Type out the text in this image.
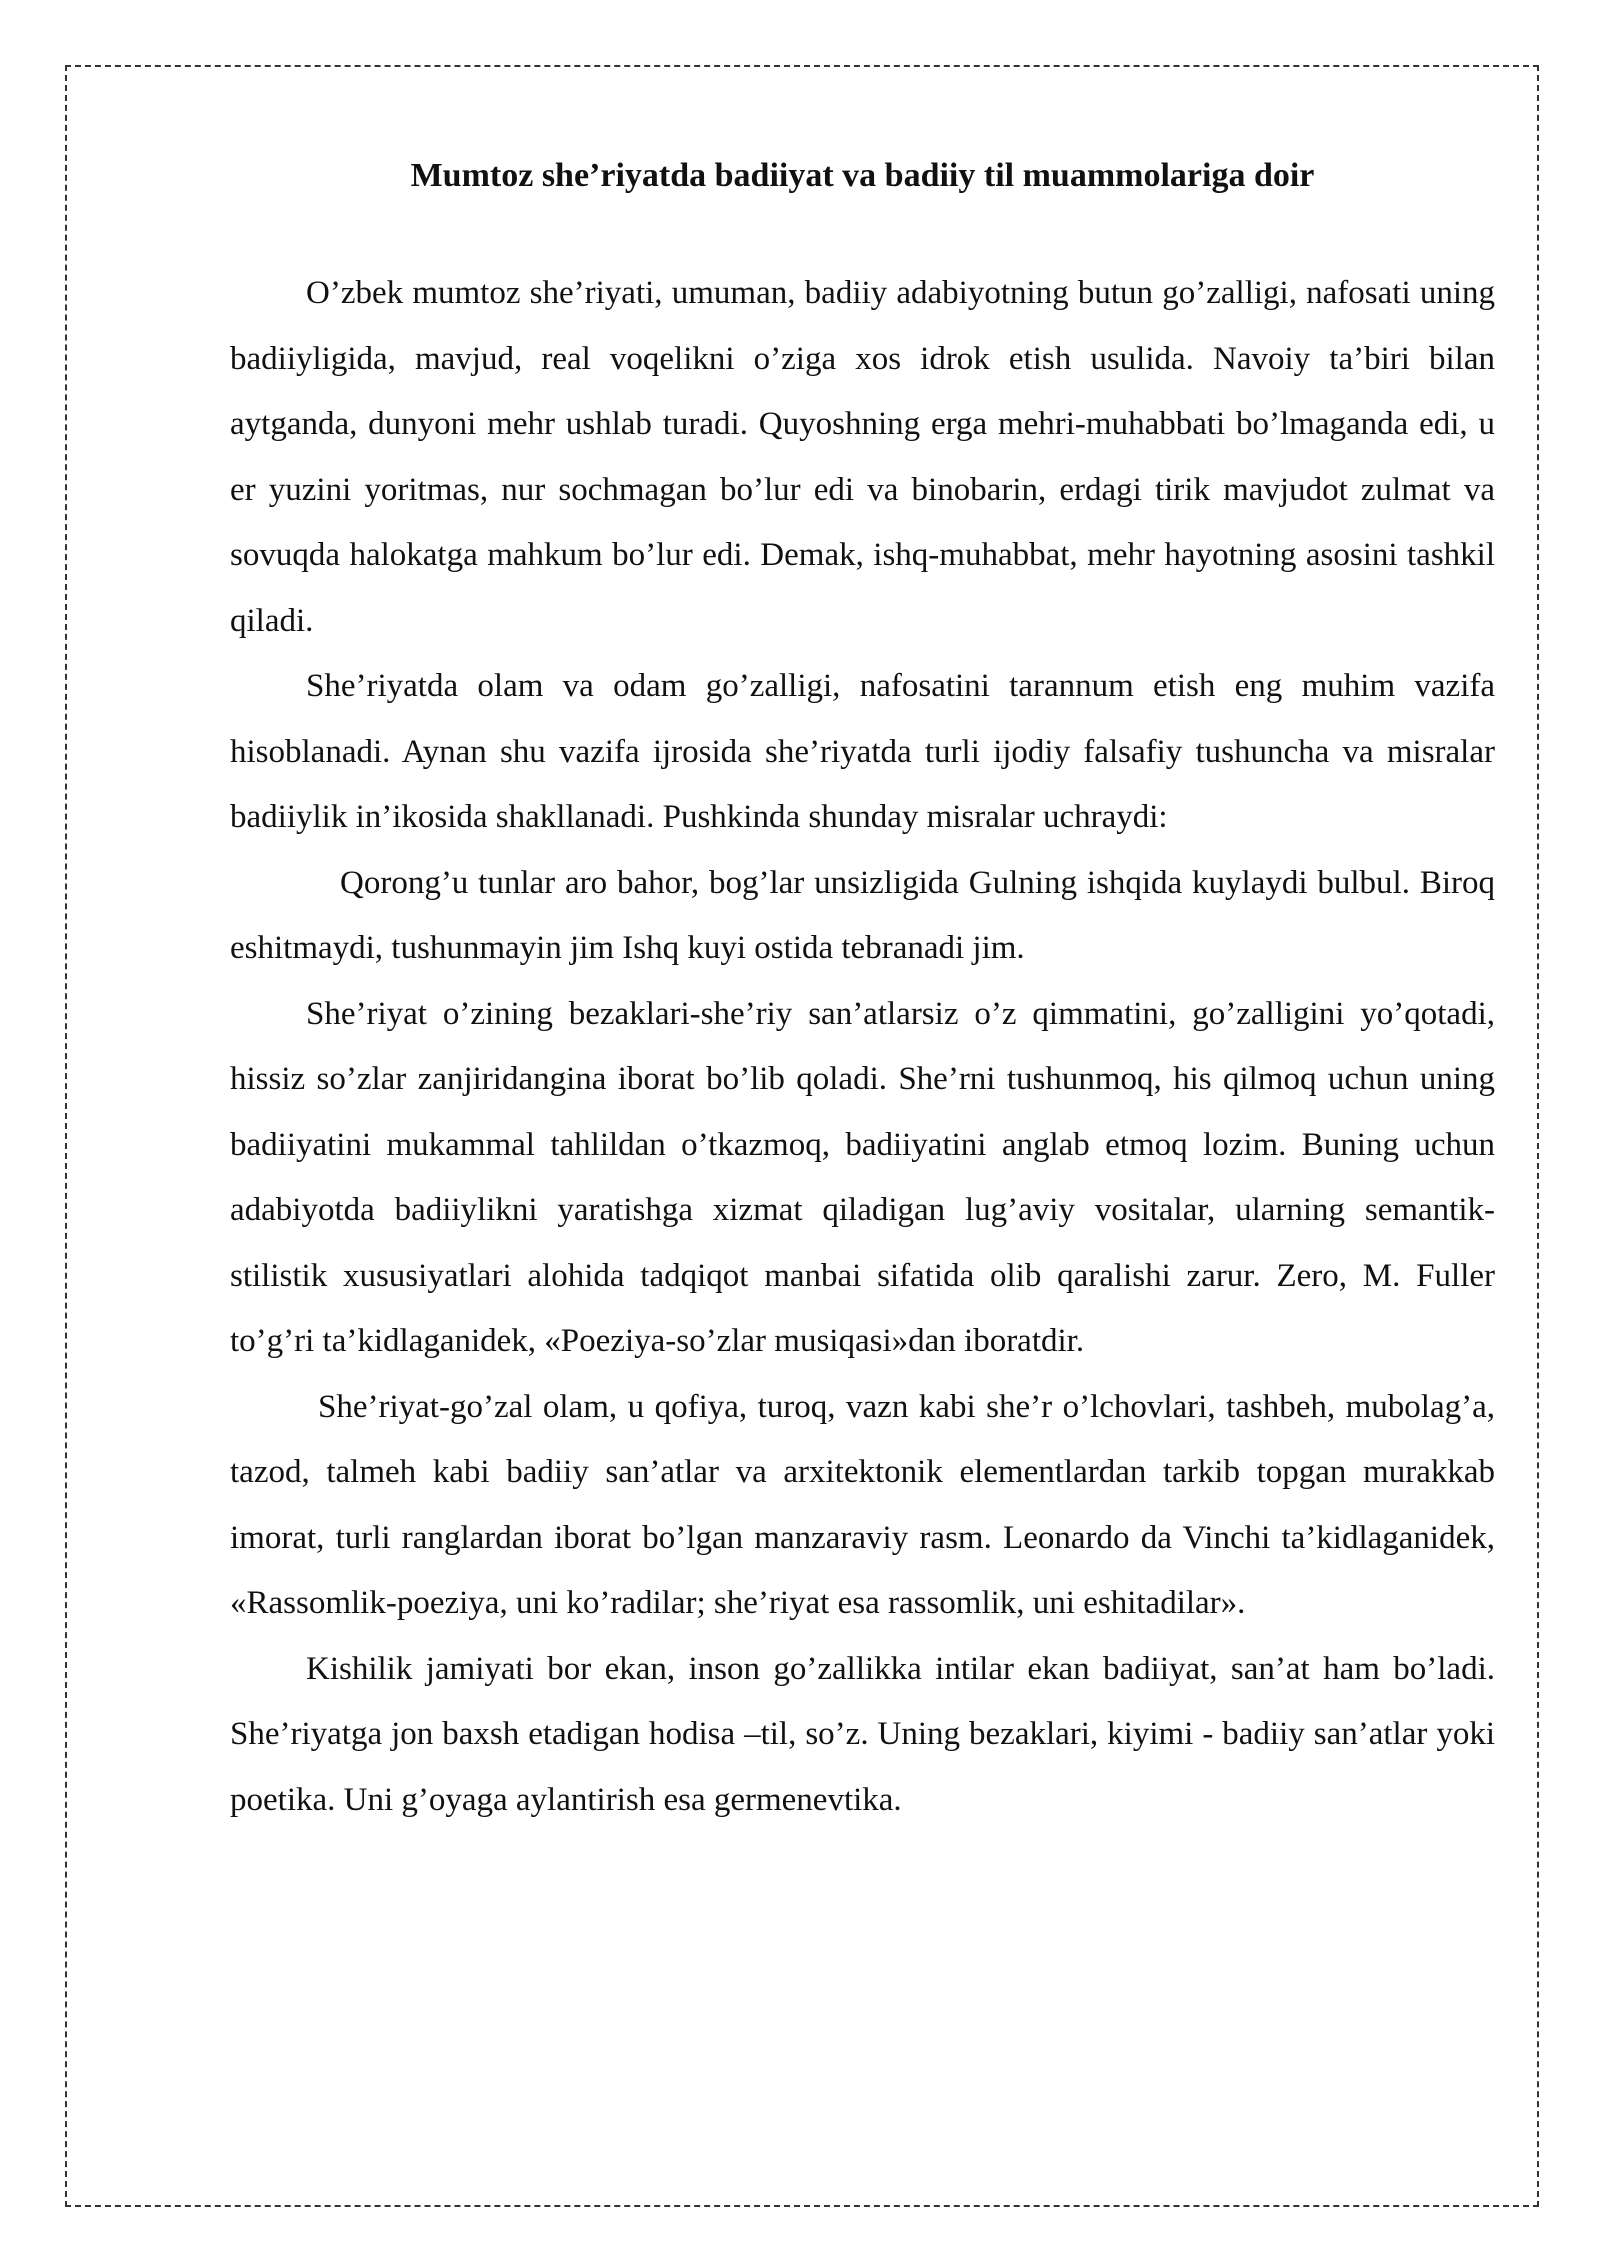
Mumtoz she’riyatda badiiyat va badiiy til muammolariga doir

O’zbek mumtoz she’riyati, umuman, badiiy adabiyotning butun go’zalligi, nafosati uning badiiyligida, mavjud, real voqelikni o’ziga xos idrok etish usulida. Navoiy ta’biri bilan aytganda, dunyoni mehr ushlab turadi. Quyoshning erga mehri-muhabbati bo’lmaganda edi, u er yuzini yoritmas, nur sochmagan bo’lur edi va binobarin, erdagi tirik mavjudot zulmat va sovuqda halokatga mahkum bo’lur edi. Demak, ishq-muhabbat, mehr hayotning asosini tashkil qiladi.

She’riyatda olam va odam go’zalligi, nafosatini tarannum etish eng muhim vazifa hisoblanadi. Aynan shu vazifa ijrosida she’riyatda turli ijodiy falsafiy tushuncha va misralar badiiylik in’ikosida shakllanadi. Pushkinda shunday misralar uchraydi:

Qorong’u tunlar aro bahor, bog’lar unsizligida Gulning ishqida kuylaydi bulbul. Biroq eshitmaydi, tushunmayin jim Ishq kuyi ostida tebranadi jim.

She’riyat o’zining bezaklari-she’riy san’atlarsiz o’z qimmatini, go’zalligini yo’qotadi, hissiz so’zlar zanjiridangina iborat bo’lib qoladi. She’rni tushunmoq, his qilmoq uchun uning badiiyatini mukammal tahlildan o’tkazmoq, badiiyatini anglab etmoq lozim. Buning uchun adabiyotda badiiylikni yaratishga xizmat qiladigan lug’aviy vositalar, ularning semantik-stilistik xususiyatlari alohida tadqiqot manbai sifatida olib qaralishi zarur. Zero, M. Fuller to’g’ri ta’kidlaganidek, «Poeziya-so’zlar musiqasi»dan iboratdir.

She’riyat-go’zal olam, u qofiya, turoq, vazn kabi she’r o’lchovlari, tashbeh, mubolag’a, tazod, talmeh kabi badiiy san’atlar va arxitektonik elementlardan tarkib topgan murakkab imorat, turli ranglardan iborat bo’lgan manzaraviy rasm. Leonardo da Vinchi ta’kidlaganidek, «Rassomlik-poeziya, uni ko’radilar; she’riyat esa rassomlik, uni eshitadilar».

Kishilik jamiyati bor ekan, inson go’zallikka intilar ekan badiiyat, san’at ham bo’ladi. She’riyatga jon baxsh etadigan hodisa –til, so’z. Uning bezaklari, kiyimi - badiiy san’atlar yoki poetika. Uni g’oyaga aylantirish esa germenevtika.
